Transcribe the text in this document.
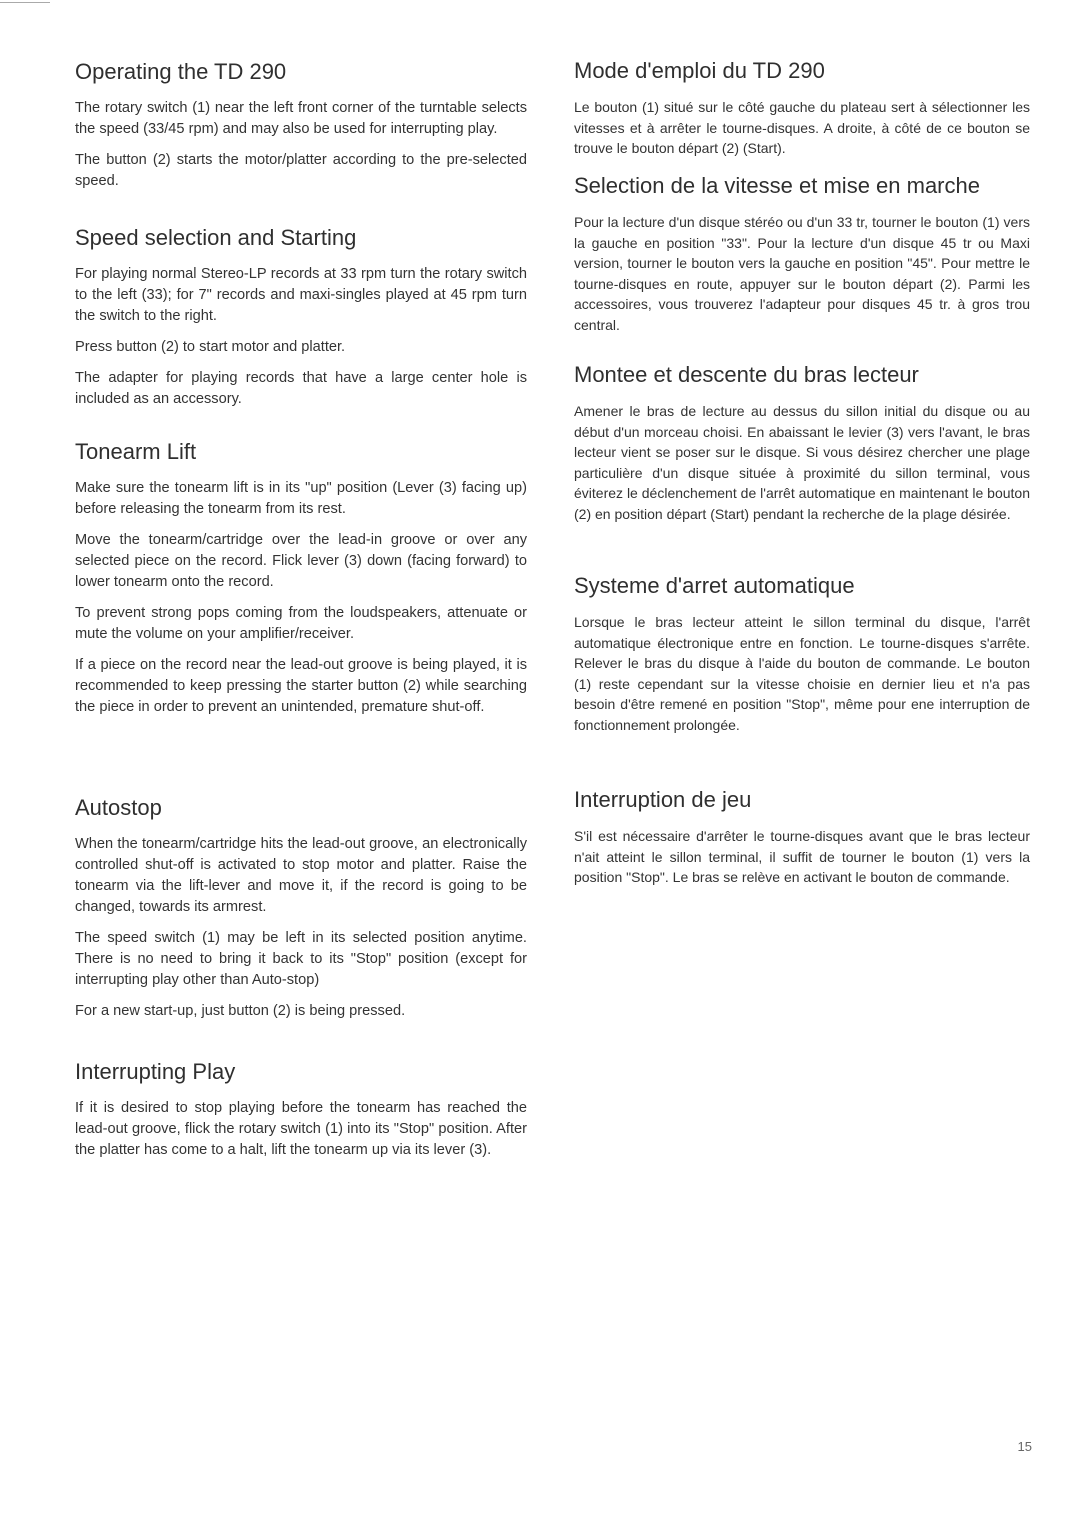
Operating the TD 290

The rotary switch (1) near the left front corner of the turntable selects the speed (33/45 rpm) and may also be used for interrupting play.

The button (2) starts the motor/platter according to the pre-selected speed.

Speed selection and Starting

For playing normal Stereo-LP records at 33 rpm turn the rotary switch to the left (33); for 7" records and maxi-singles played at 45 rpm turn the switch to the right.

Press button (2) to start motor and platter.

The adapter for playing records that have a large center hole is included as an accessory.

Tonearm Lift

Make sure the tonearm lift is in its "up" position (Lever (3) facing up) before releasing the tonearm from its rest.

Move the tonearm/cartridge over the lead-in groove or over any selected piece on the record. Flick lever (3) down (facing forward) to lower tonearm onto the record.

To prevent strong pops coming from the loudspeakers, attenuate or mute the volume on your amplifier/receiver.

If a piece on the record near the lead-out groove is being played, it is recommended to keep pressing the starter button (2) while searching the piece in order to prevent an unintended, premature shut-off.

Autostop

When the tonearm/cartridge hits the lead-out groove, an electronically controlled shut-off is activated to stop motor and platter. Raise the tonearm via the lift-lever and move it, if the record is going to be changed, towards its armrest.

The speed switch (1) may be left in its selected position anytime. There is no need to bring it back to its "Stop" position (except for interrupting play other than Auto-stop)

For a new start-up, just button (2) is being pressed.

Interrupting Play

If it is desired to stop playing before the tonearm has reached the lead-out groove, flick the rotary switch (1) into its "Stop" position. After the platter has come to a halt, lift the tonearm up via its lever (3).

Mode d'emploi du TD 290

Le bouton (1) situé sur le côté gauche du plateau sert à sélectionner les vitesses et à arrêter le tourne-disques. A droite, à côté de ce bouton se trouve le bouton départ (2) (Start).

Selection de la vitesse et mise en marche

Pour la lecture d'un disque stéréo ou d'un 33 tr, tourner le bouton (1) vers la gauche en position "33". Pour la lecture d'un disque 45 tr ou Maxi version, tourner le bouton vers la gauche en position "45". Pour mettre le tourne-disques en route, appuyer sur le bouton départ (2). Parmi les accessoires, vous trouverez l'adapteur pour disques 45 tr. à gros trou central.

Montee et descente du bras lecteur

Amener le bras de lecture au dessus du sillon initial du disque ou au début d'un morceau choisi. En abaissant le levier (3) vers l'avant, le bras lecteur vient se poser sur le disque. Si vous désirez chercher une plage particulière d'un disque située à proximité du sillon terminal, vous éviterez le déclenchement de l'arrêt automatique en maintenant le bouton (2) en position départ (Start) pendant la recherche de la plage désirée.

Systeme d'arret automatique

Lorsque le bras lecteur atteint le sillon terminal du disque, l'arrêt automatique électronique entre en fonction. Le tourne-disques s'arrête. Relever le bras du disque à l'aide du bouton de commande. Le bouton (1) reste cependant sur la vitesse choisie en dernier lieu et n'a pas besoin d'être remené en position "Stop", même pour ene interruption de fonctionnement prolongée.

Interruption de jeu

S'il est nécessaire d'arrêter le tourne-disques avant que le bras lecteur n'ait atteint le sillon terminal, il suffit de tourner le bouton (1) vers la position "Stop". Le bras se relève en activant le bouton de commande.

15
